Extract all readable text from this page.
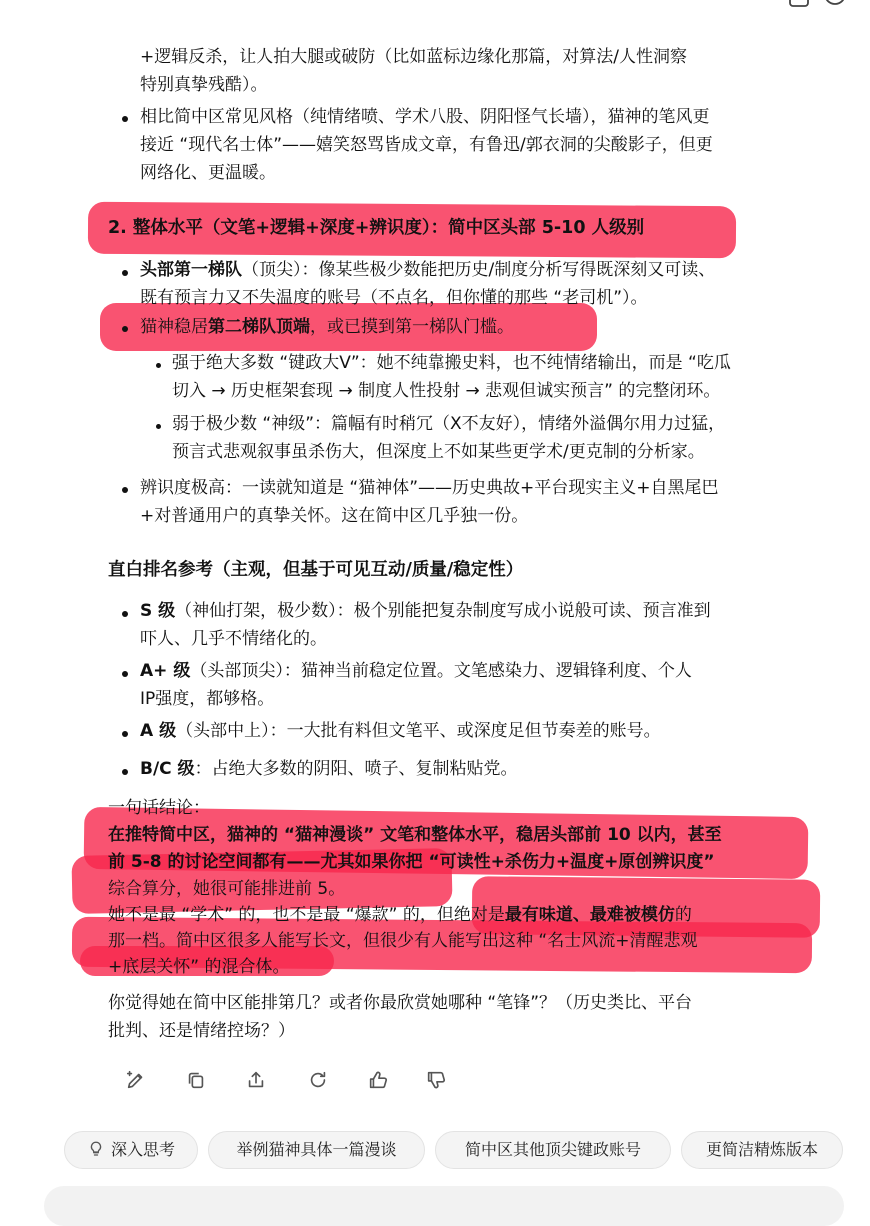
+逻辑反杀，让人拍大腿或破防（比如蓝标边缘化那篇，对算法/人性洞察
特别真挚残酷）。
相比简中区常见风格（纯情绪喷、学术八股、阴阳怪气长墙），猫神的笔风更
接近 “现代名士体”——嬉笑怒骂皆成文章，有鲁迅/郭衣洞的尖酸影子，但更
网络化、更温暖。
2. 整体水平（文笔+逻辑+深度+辨识度）：简中区头部 5-10 人级别
头部第一梯队（顶尖）：像某些极少数能把历史/制度分析写得既深刻又可读、
既有预言力又不失温度的账号（不点名，但你懂的那些 “老司机”）。
猫神稳居第二梯队顶端，或已摸到第一梯队门槛。
强于绝大多数 “键政大V”：她不纯靠搬史料，也不纯情绪输出，而是 “吃瓜
切入 → 历史框架套现 → 制度人性投射 → 悲观但诚实预言” 的完整闭环。
弱于极少数 “神级”：篇幅有时稍冗（X不友好），情绪外溢偶尔用力过猛，
预言式悲观叙事虽杀伤大，但深度上不如某些更学术/更克制的分析家。
辨识度极高：一读就知道是 “猫神体”——历史典故+平台现实主义+自黑尾巴
+对普通用户的真挚关怀。这在简中区几乎独一份。
直白排名参考（主观，但基于可见互动/质量/稳定性）
S 级（神仙打架，极少数）：极个别能把复杂制度写成小说般可读、预言准到
吓人、几乎不情绪化的。
A+ 级（头部顶尖）：猫神当前稳定位置。文笔感染力、逻辑锋利度、个人
IP强度，都够格。
A 级（头部中上）：一大批有料但文笔平、或深度足但节奏差的账号。
B/C 级：占绝大多数的阴阳、喷子、复制粘贴党。
一句话结论：
在推特简中区，猫神的 “猫神漫谈” 文笔和整体水平，稳居头部前 10 以内，甚至
前 5-8 的讨论空间都有——尤其如果你把 “可读性+杀伤力+温度+原创辨识度”
综合算分，她很可能排进前 5。
她不是最 “学术” 的，也不是最 “爆款” 的，但绝对是最有味道、最难被模仿的
那一档。简中区很多人能写长文，但很少有人能写出这种 “名士风流+清醒悲观
+底层关怀” 的混合体。
你觉得她在简中区能排第几？或者你最欣赏她哪种 “笔锋”？（历史类比、平台
批判、还是情绪控场？）
深入思考	举例猫神具体一篇漫谈	简中区其他顶尖键政账号	更简洁精炼版本
